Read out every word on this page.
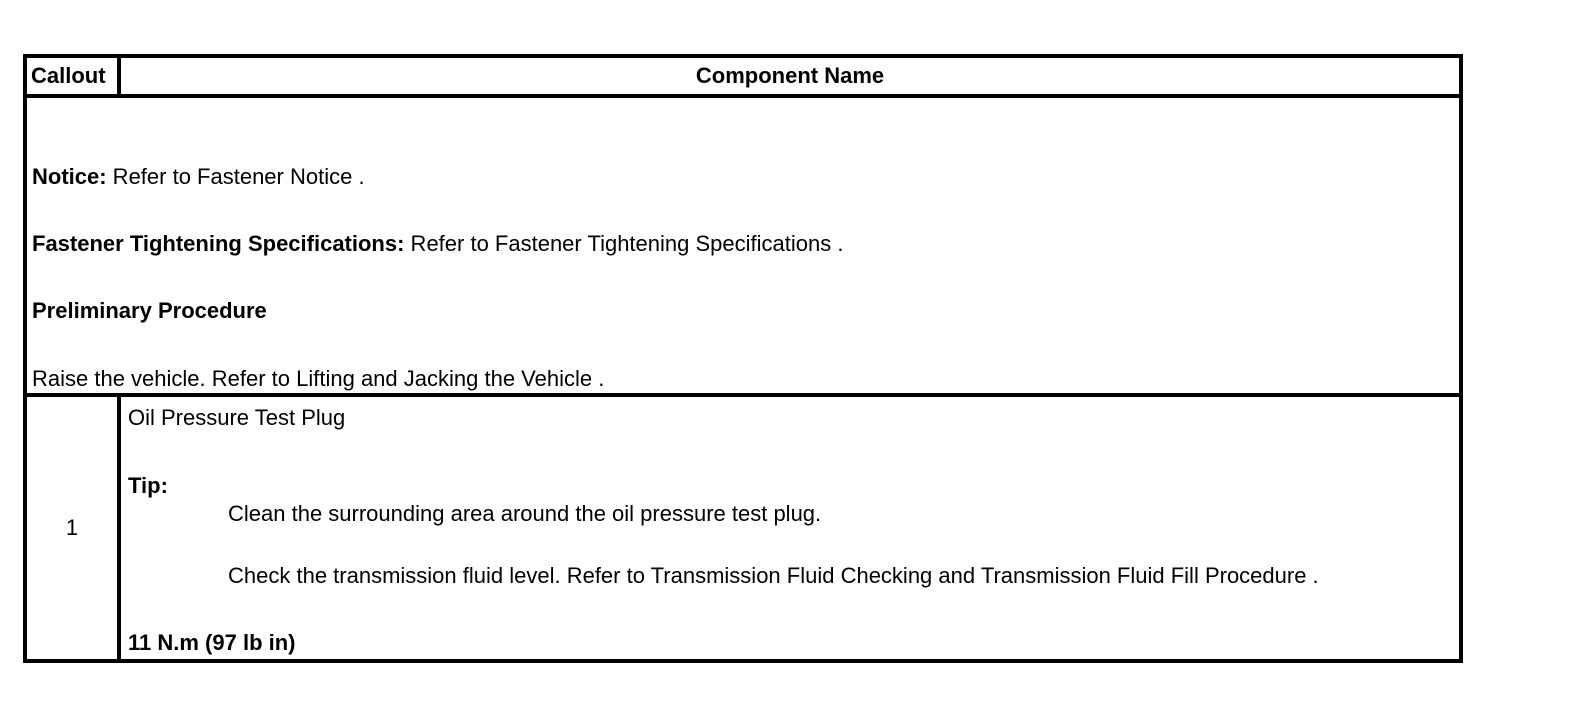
Callout	Component Name
Notice: Refer to Fastener Notice .
Fastener Tightening Specifications: Refer to Fastener Tightening Specifications .
Preliminary Procedure
Raise the vehicle. Refer to Lifting and Jacking the Vehicle .
1
Oil Pressure Test Plug
Tip:
Clean the surrounding area around the oil pressure test plug.
Check the transmission fluid level. Refer to Transmission Fluid Checking and Transmission Fluid Fill Procedure .
11 N.m (97 lb in)
